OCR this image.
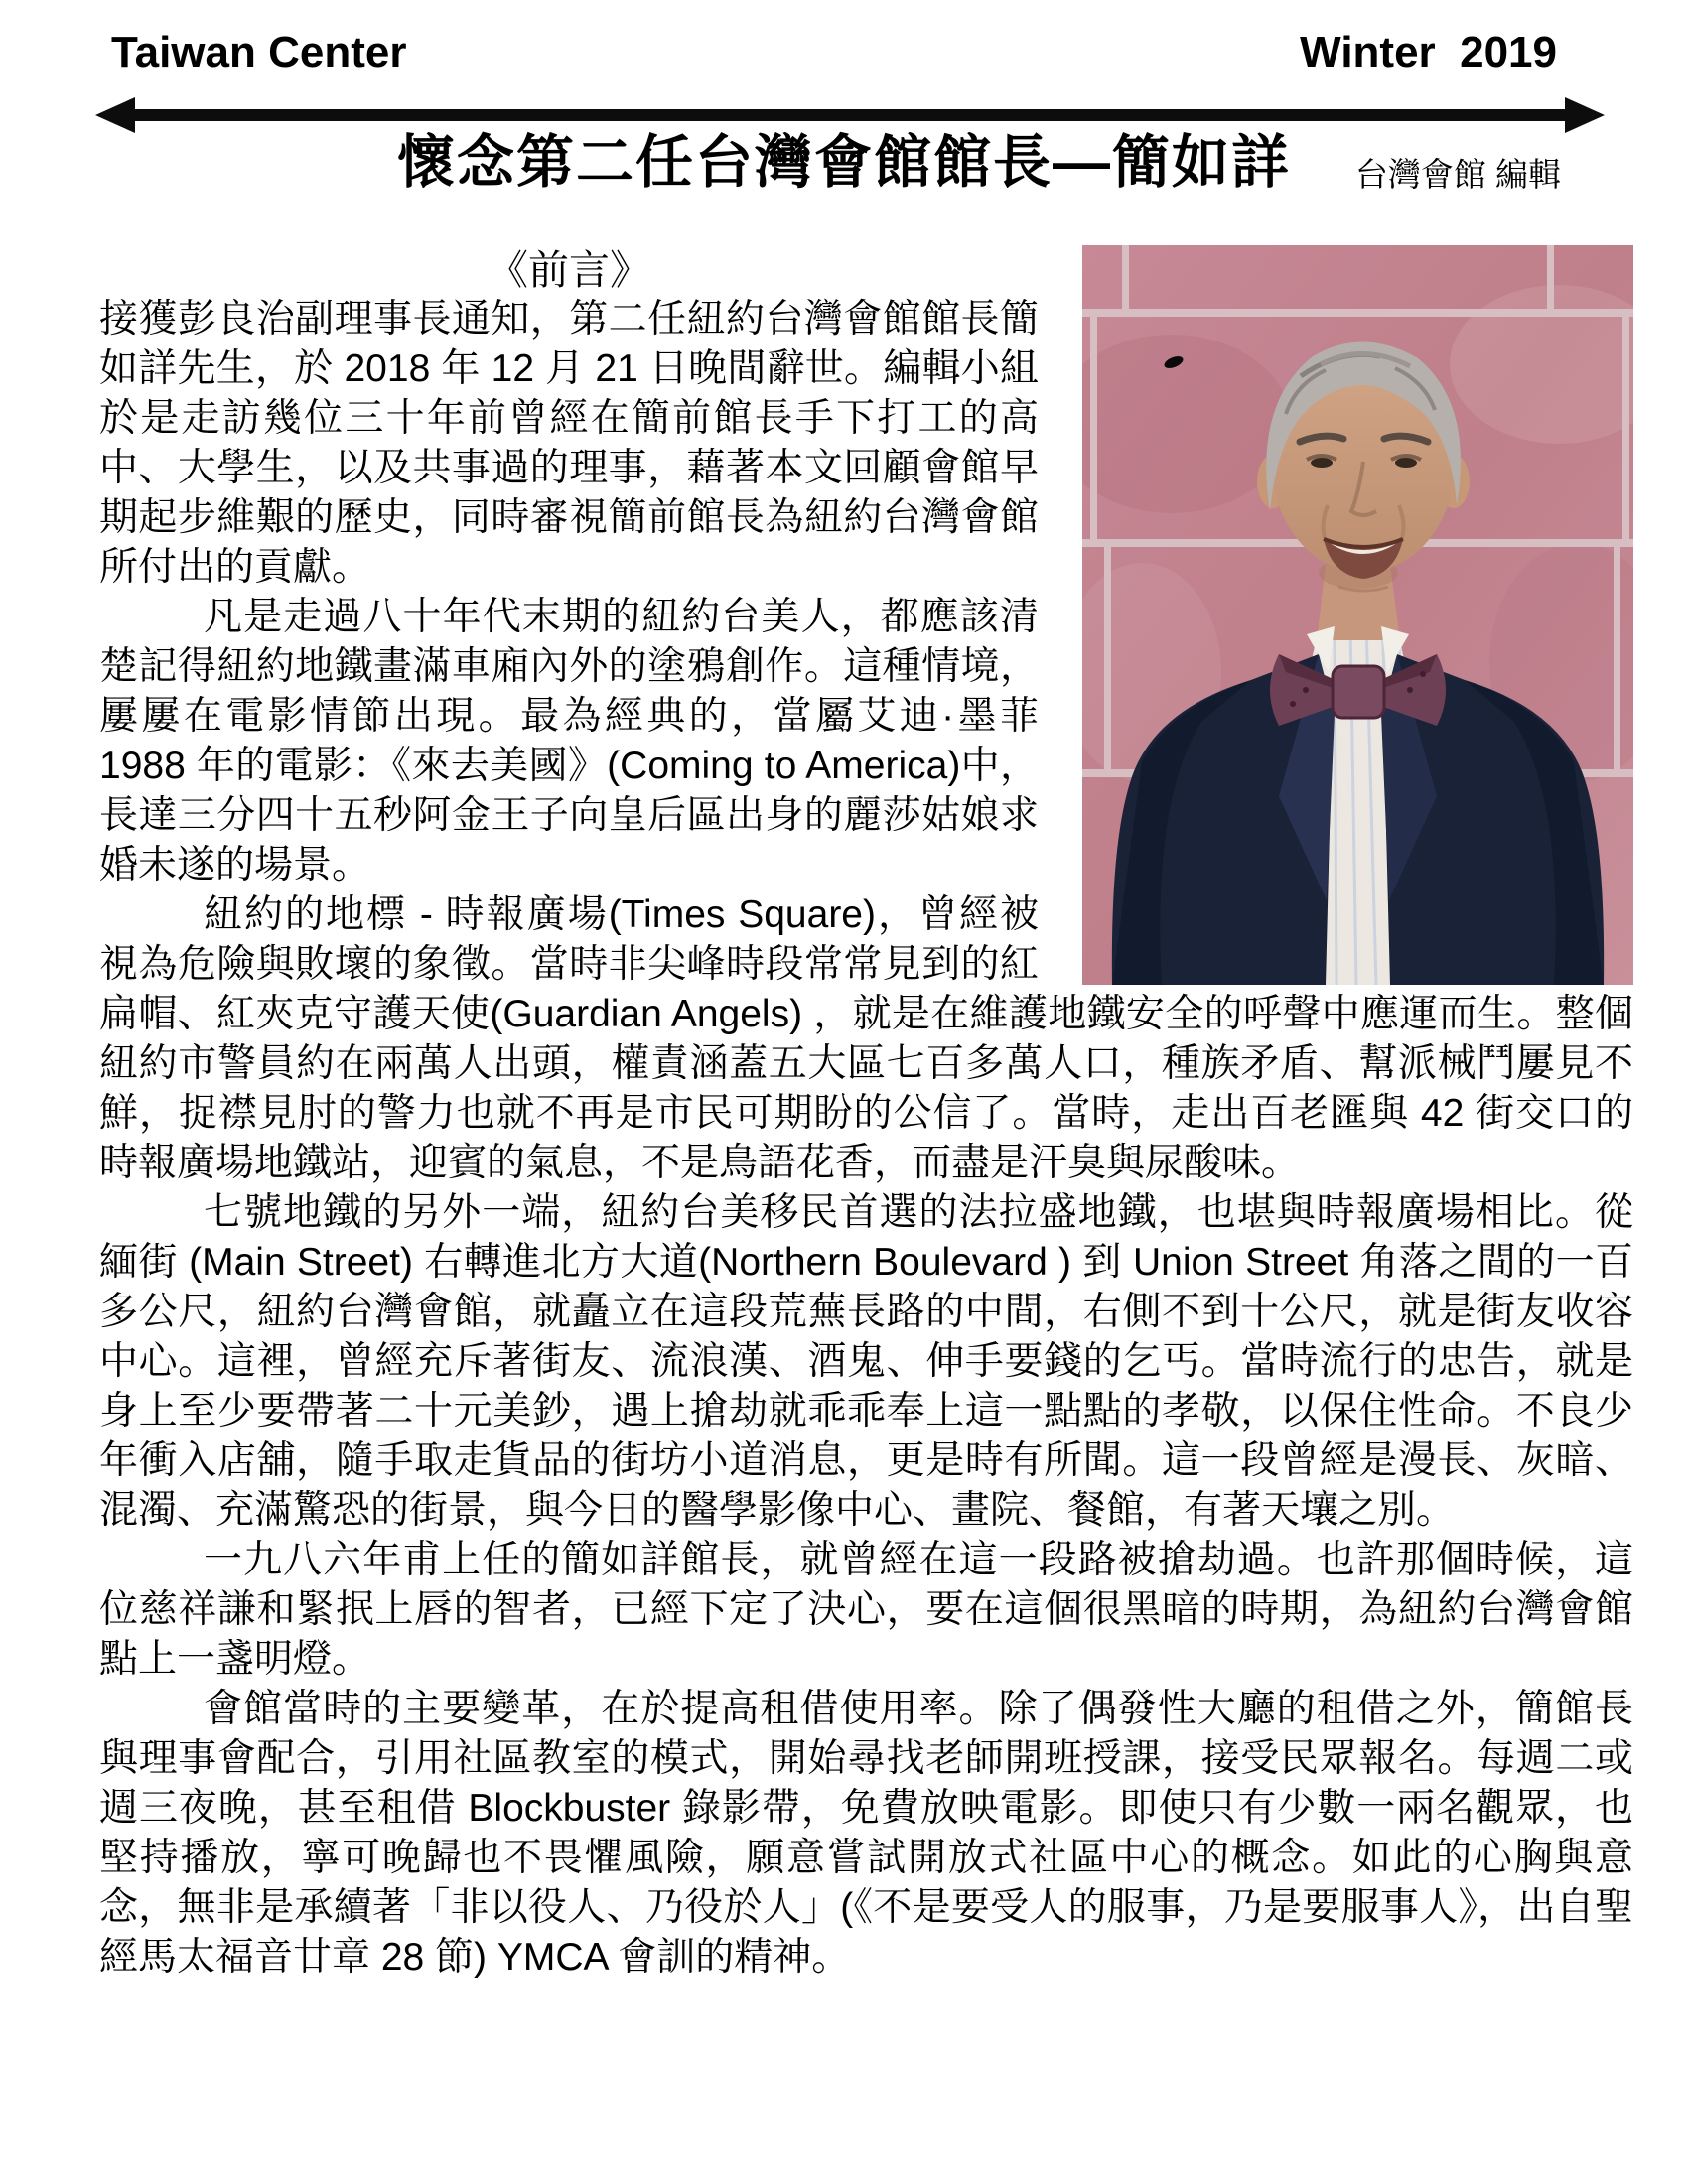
Taiwan Center	Winter  2019
懷念第二任台灣會館館長—簡如詳	台灣會館 編輯

《前言》

接獲彭良治副理事長通知，第二任紐約台灣會館館長簡如詳先生，於 2018 年 12 月 21 日晚間辭世。編輯小組於是走訪幾位三十年前曾經在簡前館長手下打工的高中、大學生，以及共事過的理事，藉著本文回顧會館早期起步維艱的歷史，同時審視簡前館長為紐約台灣會館所付出的貢獻。

凡是走過八十年代末期的紐約台美人，都應該清楚記得紐約地鐵畫滿車廂內外的塗鴉創作。這種情境，屢屢在電影情節出現。最為經典的，當屬艾迪·墨菲 1988 年的電影：《來去美國》(Coming to America)中，長達三分四十五秒阿金王子向皇后區出身的麗莎姑娘求婚未遂的場景。

紐約的地標 - 時報廣場(Times Square)，曾經被視為危險與敗壞的象徵。當時非尖峰時段常常見到的紅扁帽、紅夾克守護天使(Guardian Angels) ，就是在維護地鐵安全的呼聲中應運而生。整個紐約市警員約在兩萬人出頭，權責涵蓋五大區七百多萬人口，種族矛盾、幫派械鬥屢見不鮮，捉襟見肘的警力也就不再是市民可期盼的公信了。當時，走出百老匯與 42 街交口的時報廣場地鐵站，迎賓的氣息，不是鳥語花香，而盡是汗臭與尿酸味。

七號地鐵的另外一端，紐約台美移民首選的法拉盛地鐵，也堪與時報廣場相比。從緬街 (Main Street) 右轉進北方大道(Northern Boulevard ) 到 Union Street 角落之間的一百多公尺，紐約台灣會館，就矗立在這段荒蕪長路的中間，右側不到十公尺，就是街友收容中心。這裡，曾經充斥著街友、流浪漢、酒鬼、伸手要錢的乞丐。當時流行的忠告，就是身上至少要帶著二十元美鈔，遇上搶劫就乖乖奉上這一點點的孝敬，以保住性命。不良少年衝入店舖，隨手取走貨品的街坊小道消息，更是時有所聞。這一段曾經是漫長、灰暗、混濁、充滿驚恐的街景，與今日的醫學影像中心、畫院、餐館，有著天壤之別。

一九八六年甫上任的簡如詳館長，就曾經在這一段路被搶劫過。也許那個時候，這位慈祥謙和緊抿上唇的智者，已經下定了決心，要在這個很黑暗的時期，為紐約台灣會館點上一盞明燈。

會館當時的主要變革，在於提高租借使用率。除了偶發性大廳的租借之外，簡館長與理事會配合，引用社區教室的模式，開始尋找老師開班授課，接受民眾報名。每週二或週三夜晚，甚至租借 Blockbuster 錄影帶，免費放映電影。即使只有少數一兩名觀眾，也堅持播放，寧可晚歸也不畏懼風險，願意嘗試開放式社區中心的概念。如此的心胸與意念，無非是承續著「非以役人、乃役於人」(《不是要受人的服事，乃是要服事人》，出自聖經馬太福音廿章 28 節) YMCA 會訓的精神。
